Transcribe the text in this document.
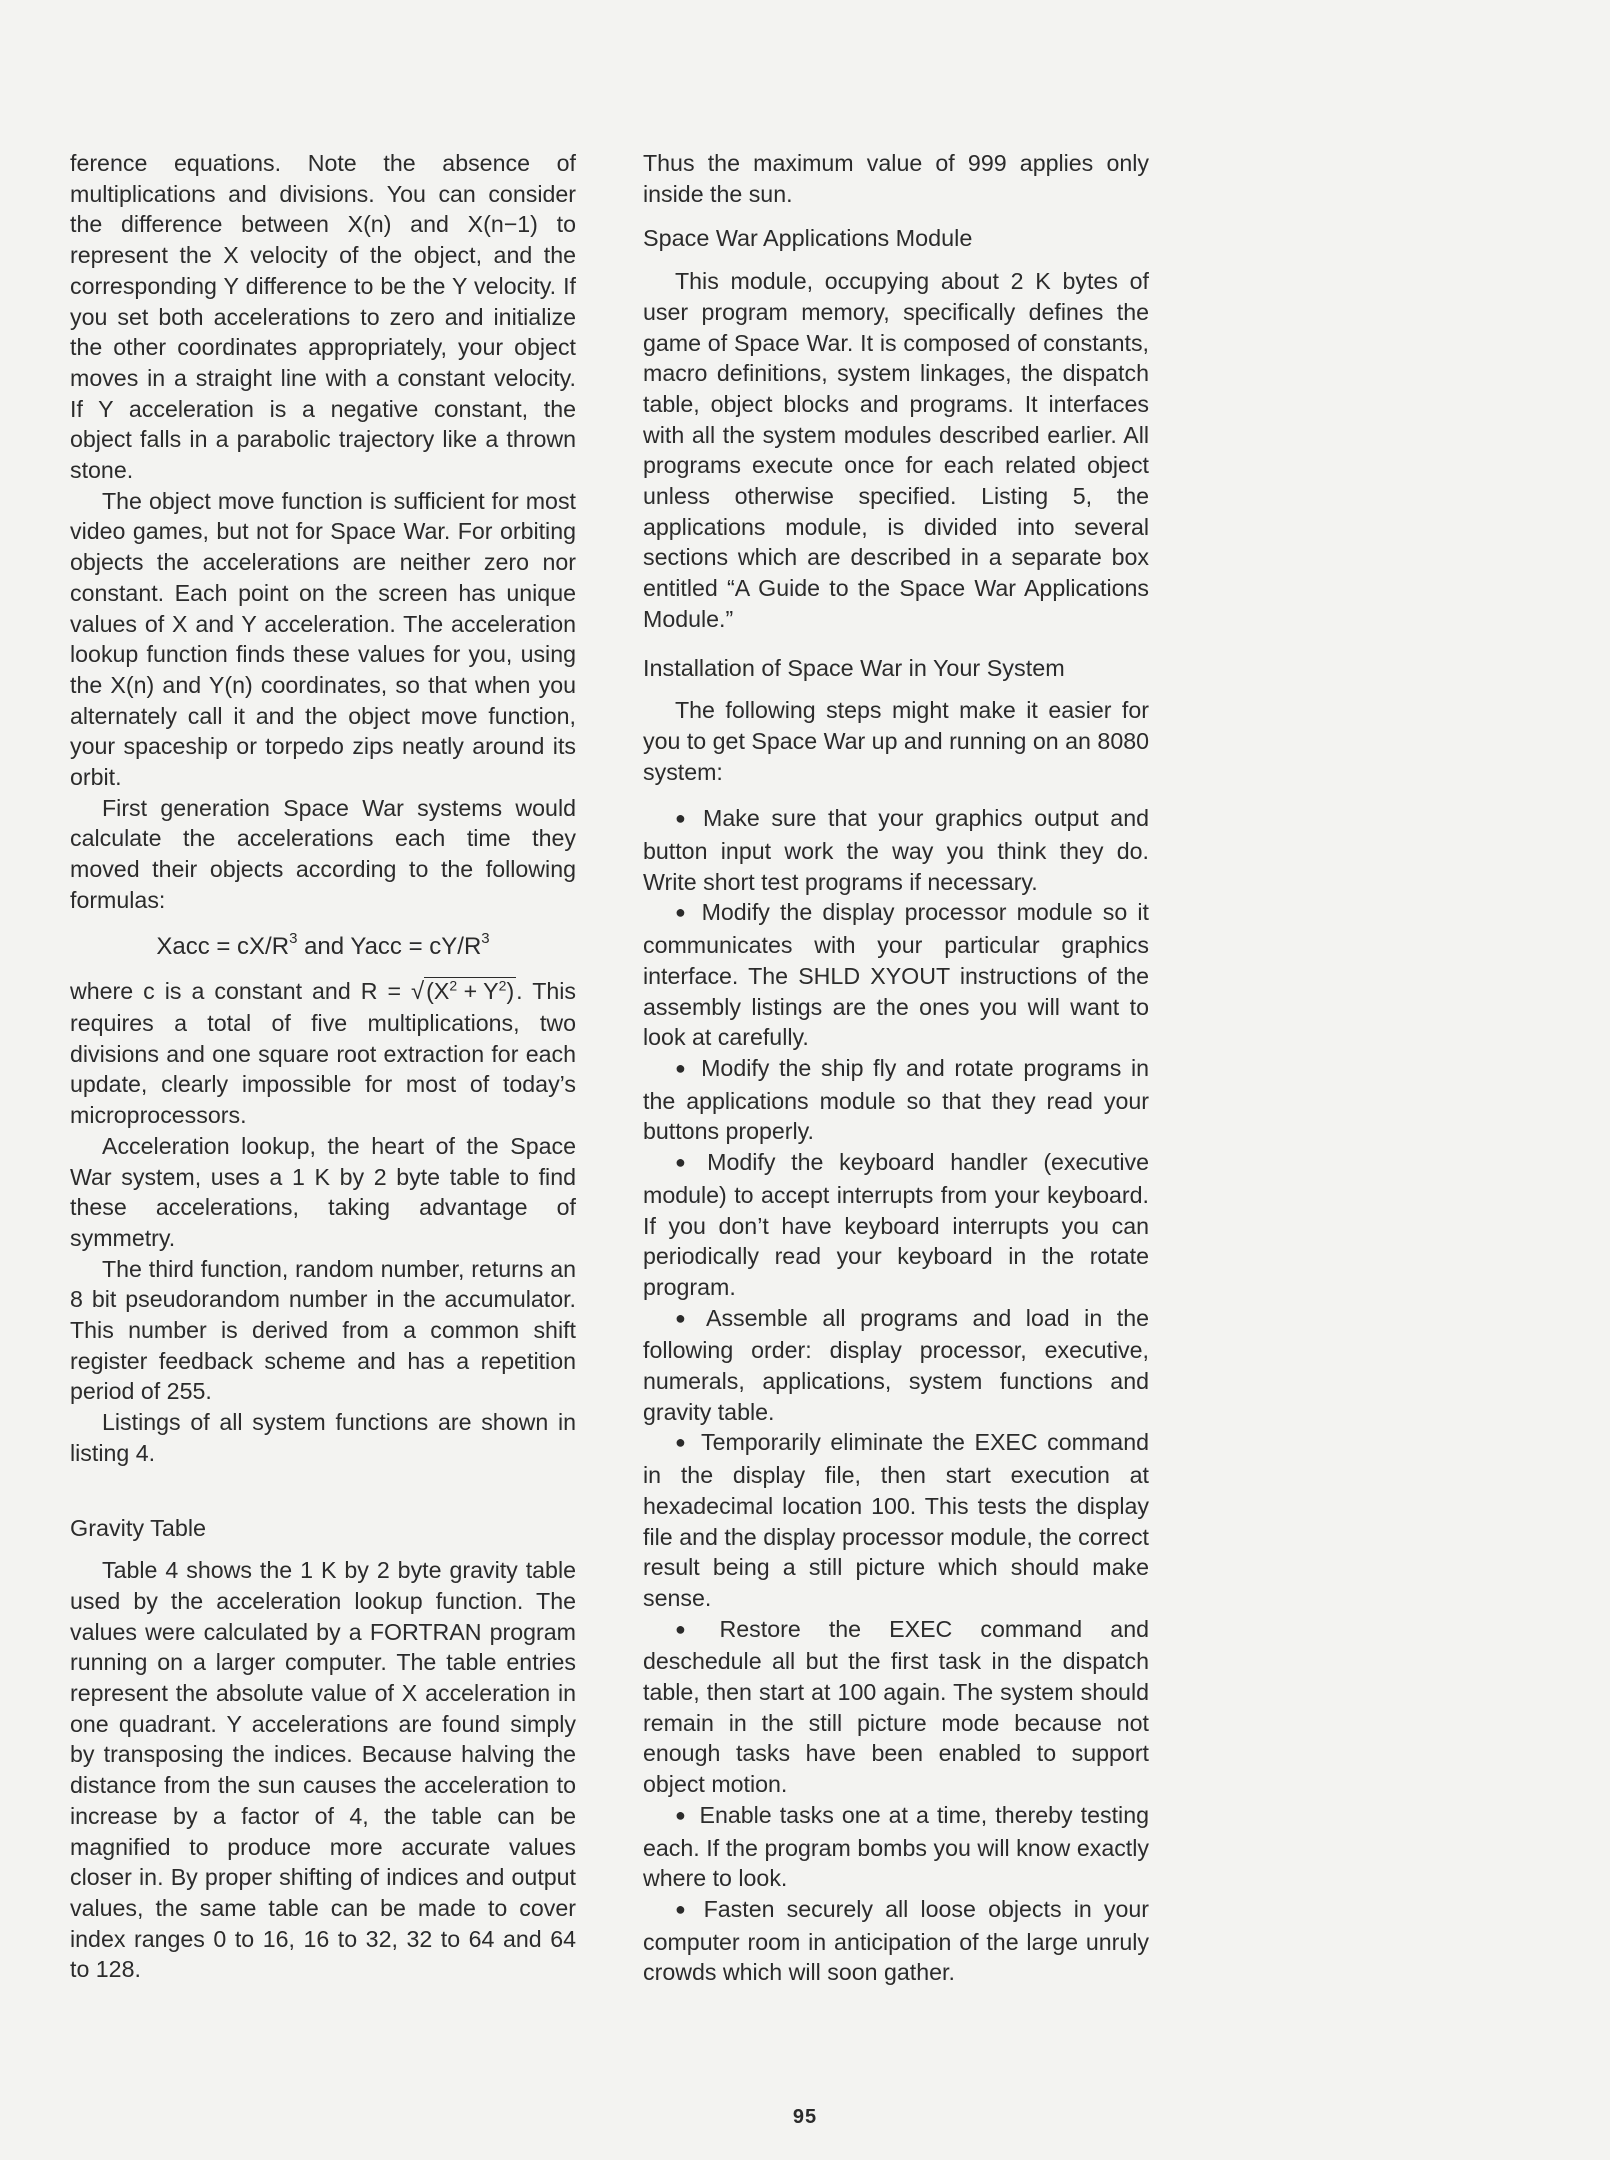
ference equations. Note the absence of multiplications and divisions. You can consider the difference between X(n) and X(n−1) to represent the X velocity of the object, and the corresponding Y difference to be the Y velocity. If you set both accelerations to zero and initialize the other coordinates appropriately, your object moves in a straight line with a constant velocity. If Y acceleration is a negative constant, the object falls in a parabolic trajectory like a thrown stone.

The object move function is sufficient for most video games, but not for Space War. For orbiting objects the accelerations are neither zero nor constant. Each point on the screen has unique values of X and Y acceleration. The acceleration lookup function finds these values for you, using the X(n) and Y(n) coordinates, so that when you alternately call it and the object move function, your spaceship or torpedo zips neatly around its orbit.

First generation Space War systems would calculate the accelerations each time they moved their objects according to the following formulas:

Xacc = $cX/R^3$ and Yacc = $cY/R^3$

where c is a constant and $R = √(X^2 + Y^2)$. This requires a total of five multiplications, two divisions and one square root extraction for each update, clearly impossible for most of today’s microprocessors.

Acceleration lookup, the heart of the Space War system, uses a 1 K by 2 byte table to find these accelerations, taking advantage of symmetry.

The third function, random number, returns an 8 bit pseudorandom number in the accumulator. This number is derived from a common shift register feedback scheme and has a repetition period of 255.

Listings of all system functions are shown in listing 4.

Gravity Table

Table 4 shows the 1 K by 2 byte gravity table used by the acceleration lookup function. The values were calculated by a FORTRAN program running on a larger computer. The table entries represent the absolute value of X acceleration in one quadrant. Y accelerations are found simply by transposing the indices. Because halving the distance from the sun causes the acceleration to increase by a factor of 4, the table can be magnified to produce more accurate values closer in. By proper shifting of indices and output values, the same table can be made to cover index ranges 0 to 16, 16 to 32, 32 to 64 and 64 to 128.

Thus the maximum value of 999 applies only inside the sun.

Space War Applications Module

This module, occupying about 2 K bytes of user program memory, specifically defines the game of Space War. It is composed of constants, macro definitions, system linkages, the dispatch table, object blocks and programs. It interfaces with all the system modules described earlier. All programs execute once for each related object unless otherwise specified. Listing 5, the applications module, is divided into several sections which are described in a separate box entitled “A Guide to the Space War Applications Module.”

Installation of Space War in Your System

The following steps might make it easier for you to get Space War up and running on an 8080 system:

● Make sure that your graphics output and button input work the way you think they do. Write short test programs if necessary.

● Modify the display processor module so it communicates with your particular graphics interface. The SHLD XYOUT instructions of the assembly listings are the ones you will want to look at carefully.

● Modify the ship fly and rotate programs in the applications module so that they read your buttons properly.

● Modify the keyboard handler (executive module) to accept interrupts from your keyboard. If you don’t have keyboard interrupts you can periodically read your keyboard in the rotate program.

● Assemble all programs and load in the following order: display processor, executive, numerals, applications, system functions and gravity table.

● Temporarily eliminate the EXEC command in the display file, then start execution at hexadecimal location 100. This tests the display file and the display processor module, the correct result being a still picture which should make sense.

● Restore the EXEC command and deschedule all but the first task in the dispatch table, then start at 100 again. The system should remain in the still picture mode because not enough tasks have been enabled to support object motion.

● Enable tasks one at a time, thereby testing each. If the program bombs you will know exactly where to look.

● Fasten securely all loose objects in your computer room in anticipation of the large unruly crowds which will soon gather.

95
